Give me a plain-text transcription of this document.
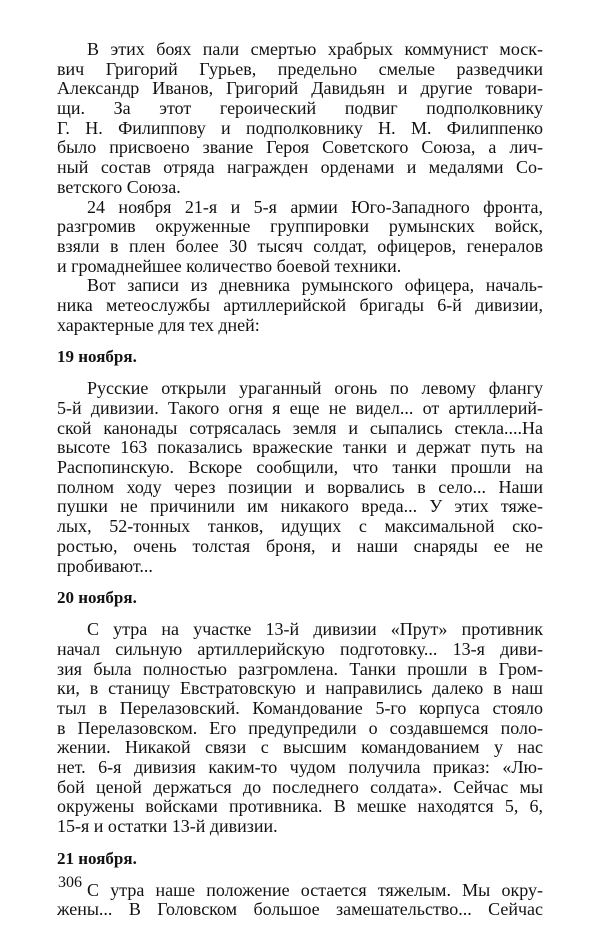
В этих боях пали смертью храбрых коммунист моск-
вич Григорий Гурьев, предельно смелые разведчики
Александр Иванов, Григорий Давидьян и другие товари-
щи. За этот героический подвиг подполковнику
Г. Н. Филиппову и подполковнику Н. М. Филиппенко
было присвоено звание Героя Советского Союза, а лич-
ный состав отряда награжден орденами и медалями Со-
ветского Союза.
24 ноября 21-я и 5-я армии Юго-Западного фронта,
разгромив окруженные группировки румынских войск,
взяли в плен более 30 тысяч солдат, офицеров, генералов
и громаднейшее количество боевой техники.
Вот записи из дневника румынского офицера, началь-
ника метеослужбы артиллерийской бригады 6-й дивизии,
характерные для тех дней:
19 ноября.
Русские открыли ураганный огонь по левому флангу
5-й дивизии. Такого огня я еще не видел... от артиллерий-
ской канонады сотрясалась земля и сыпались стекла....На
высоте 163 показались вражеские танки и держат путь на
Распопинскую. Вскоре сообщили, что танки прошли на
полном ходу через позиции и ворвались в село... Наши
пушки не причинили им никакого вреда... У этих тяже-
лых, 52-тонных танков, идущих с максимальной ско-
ростью, очень толстая броня, и наши снаряды ее не
пробивают...
20 ноября.
С утра на участке 13-й дивизии «Прут» противник
начал сильную артиллерийскую подготовку... 13-я диви-
зия была полностью разгромлена. Танки прошли в Гром-
ки, в станицу Евстратовскую и направились далеко в наш
тыл в Перелазовский. Командование 5-го корпуса стояло
в Перелазовском. Его предупредили о создавшемся поло-
жении. Никакой связи с высшим командованием у нас
нет. 6-я дивизия каким-то чудом получила приказ: «Лю-
бой ценой держаться до последнего солдата». Сейчас мы
окружены войсками противника. В мешке находятся 5, 6,
15-я и остатки 13-й дивизии.
21 ноября.
С утра наше положение остается тяжелым. Мы окру-
жены... В Головском большое замешательство... Сейчас
306
